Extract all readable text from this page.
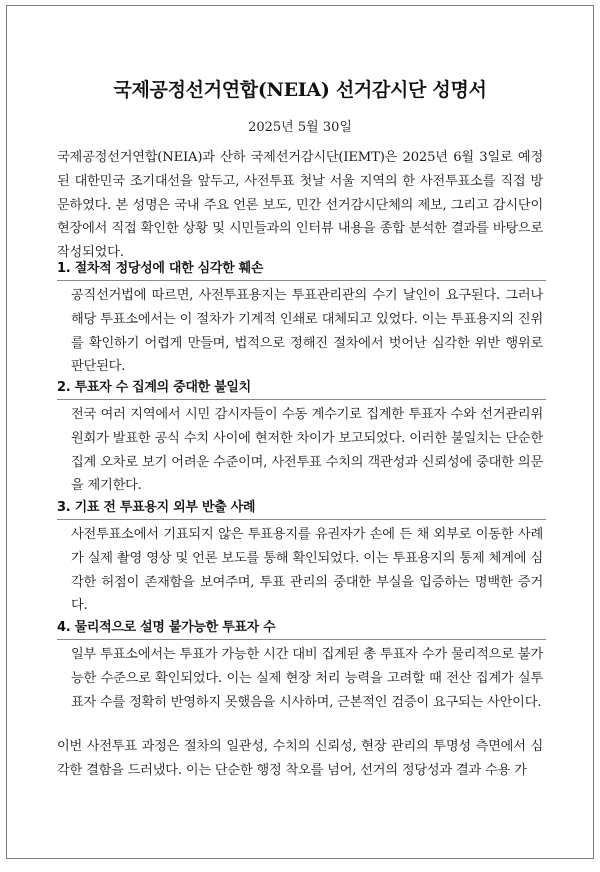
국제공정선거연합(NEIA) 선거감시단 성명서
2025년 5월 30일

국제공정선거연합(NEIA)과 산하 국제선거감시단(IEMT)은 2025년 6월 3일로 예정된 대한민국 조기대선을 앞두고, 사전투표 첫날 서울 지역의 한 사전투표소를 직접 방문하였다. 본 성명은 국내 주요 언론 보도, 민간 선거감시단체의 제보, 그리고 감시단이 현장에서 직접 확인한 상황 및 시민들과의 인터뷰 내용을 종합 분석한 결과를 바탕으로 작성되었다.

1. 절차적 정당성에 대한 심각한 훼손

공직선거법에 따르면, 사전투표용지는 투표관리관의 수기 날인이 요구된다. 그러나 해당 투표소에서는 이 절차가 기계적 인쇄로 대체되고 있었다. 이는 투표용지의 진위를 확인하기 어렵게 만들며, 법적으로 정해진 절차에서 벗어난 심각한 위반 행위로 판단된다.

2. 투표자 수 집계의 중대한 불일치

전국 여러 지역에서 시민 감시자들이 수동 계수기로 집계한 투표자 수와 선거관리위원회가 발표한 공식 수치 사이에 현저한 차이가 보고되었다. 이러한 불일치는 단순한 집계 오차로 보기 어려운 수준이며, 사전투표 수치의 객관성과 신뢰성에 중대한 의문을 제기한다.

3. 기표 전 투표용지 외부 반출 사례

사전투표소에서 기표되지 않은 투표용지를 유권자가 손에 든 채 외부로 이동한 사례가 실제 촬영 영상 및 언론 보도를 통해 확인되었다. 이는 투표용지의 통제 체계에 심각한 허점이 존재함을 보여주며, 투표 관리의 중대한 부실을 입증하는 명백한 증거다.

4. 물리적으로 설명 불가능한 투표자 수

일부 투표소에서는 투표가 가능한 시간 대비 집계된 총 투표자 수가 물리적으로 불가능한 수준으로 확인되었다. 이는 실제 현장 처리 능력을 고려할 때 전산 집계가 실투표자 수를 정확히 반영하지 못했음을 시사하며, 근본적인 검증이 요구되는 사안이다.

이번 사전투표 과정은 절차의 일관성, 수치의 신뢰성, 현장 관리의 투명성 측면에서 심각한 결함을 드러냈다. 이는 단순한 행정 착오를 넘어, 선거의 정당성과 결과 수용 가
